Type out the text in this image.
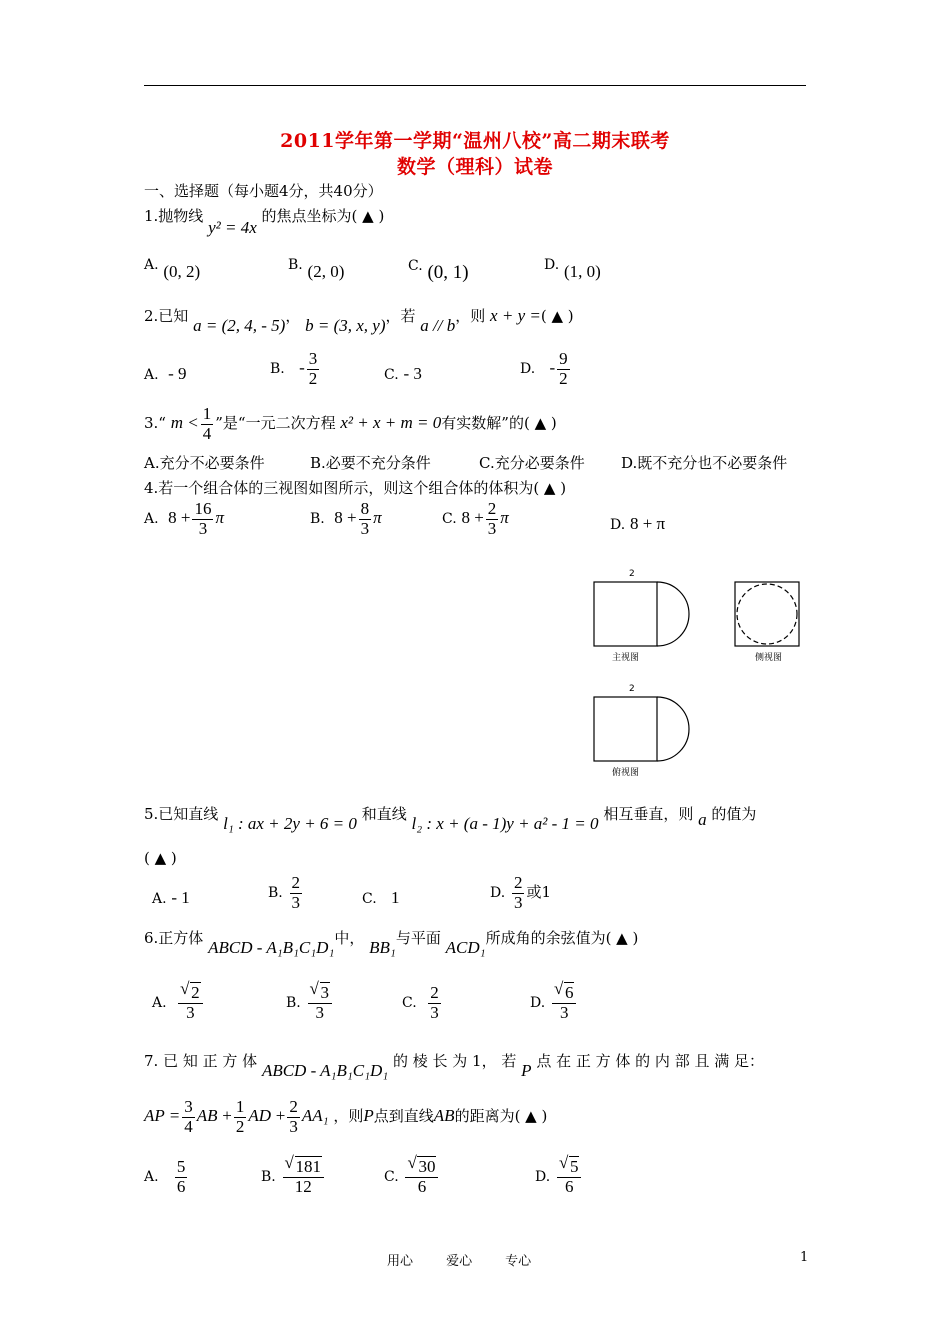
2011学年第一学期“温州八校”高二期末联考
数学（理科）试卷
一、选择题（每小题4分，共40分）
1.抛物线 y² = 4x 的焦点坐标为( ▲ )
A. (0, 2)	B. (2, 0)	C. (0, 1)	D. (1, 0)
2.已知 a = (2, 4, - 5)， b = (3, x, y)，若 a // b，则 x + y =( ▲ )
A. - 9	B. - $\frac{3}{2}$	C. - 3	D. - $\frac{9}{2}$
3.“ $m < \frac{1}{4}$ ”是“一元二次方程 x² + x + m = 0有实数解”的( ▲ )
A.充分不必要条件	B.必要不充分条件	C.充分必要条件 D.既不充分也不必要条件
4.若一个组合体的三视图如图所示，则这个组合体的体积为( ▲ )
A. $8 + \frac{16}{3}$ π	B. $8 + \frac{8}{3}$ π	C. $8 + \frac{2}{3}$ π	D. 8 + π
2
主视图	侧视图
2
俯视图
5.已知直线 l₁ : ax + 2y + 6 = 0 和直线 l₂ : x + (a - 1)y + a² - 1 = 0 相互垂直，则 a 的值为
( ▲ )
A. - 1	B. $\frac{2}{3}$	C. 1	D. $\frac{2}{3}$ 或1
6.正方体 ABCD - A₁B₁C₁D₁中， BB₁与平面 ACD₁所成角的余弦值为( ▲ )
A. $\frac{√ 2}{3}$	B. $\frac{√ 3}{3}$	C. $\frac{2}{3}$	D. $\frac{√ 6}{3}$
7. 已 知 正 方 体 ABCD - A₁B₁C₁D₁ 的 棱 长 为 1， 若 P 点 在 正 方 体 的 内 部 且 满 足：
AP = $\frac{3}{4}$ AB + $\frac{1}{2}$ AD + $\frac{2}{3} AA_1$ ，则P点到直线AB的距离为( ▲ )
A. $\frac{5}{6}$	B. $\frac{√ 181}{12}$	C. $\frac{√ 30}{6}$	D. $\frac{√ 5}{6}$
用心	爱心	专心	1
